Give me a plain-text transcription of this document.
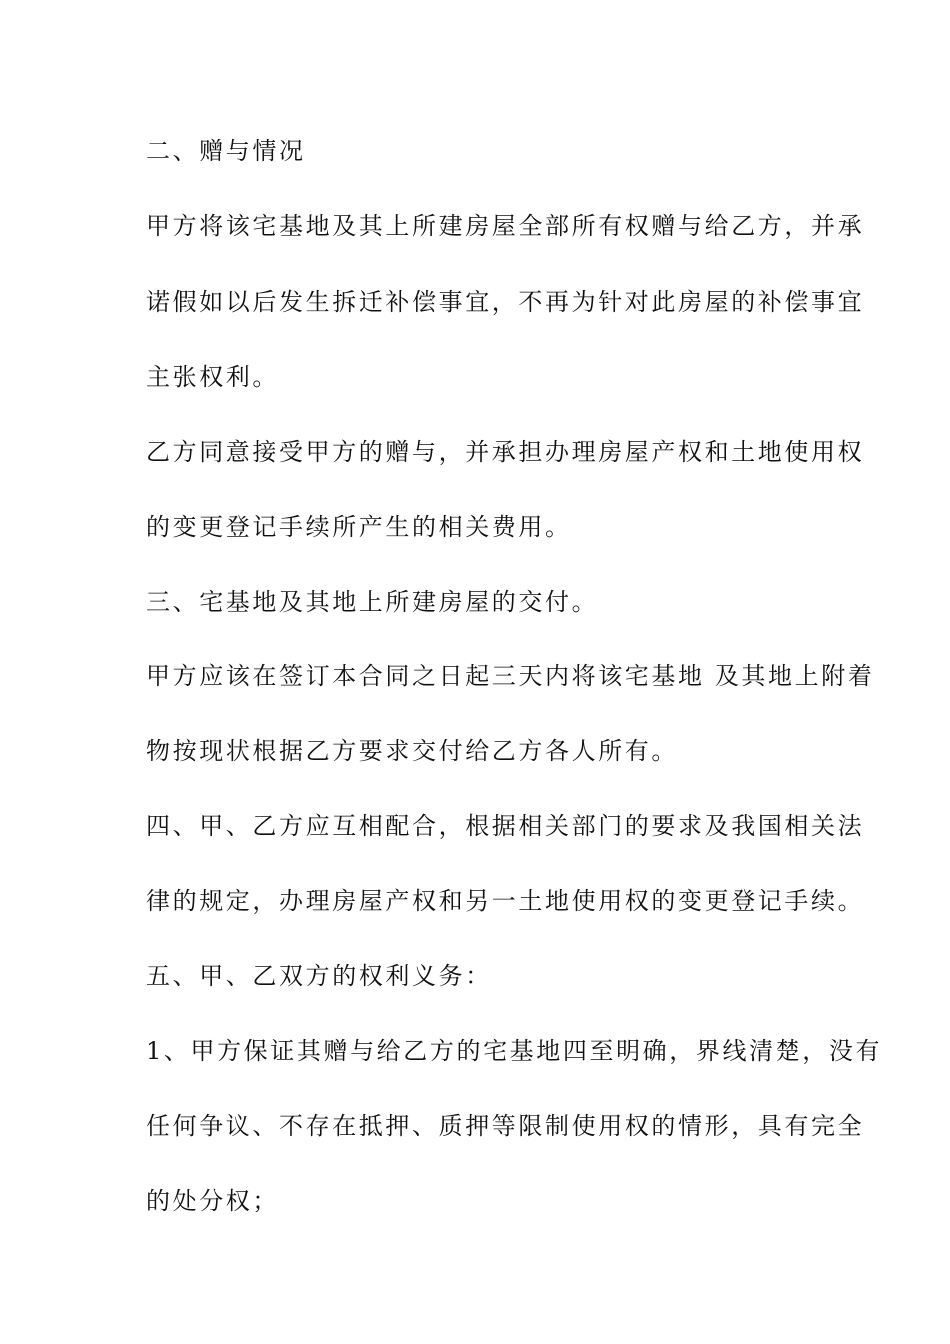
二、赠与情况
甲方将该宅基地及其上所建房屋全部所有权赠与给乙方，并承
诺假如以后发生拆迁补偿事宜，不再为针对此房屋的补偿事宜
主张权利。
乙方同意接受甲方的赠与，并承担办理房屋产权和土地使用权
的变更登记手续所产生的相关费用。
三、宅基地及其地上所建房屋的交付。
甲方应该在签订本合同之日起三天内将该宅基地 及其地上附着
物按现状根据乙方要求交付给乙方各人所有。
四、甲、乙方应互相配合，根据相关部门的要求及我国相关法
律的规定，办理房屋产权和另一土地使用权的变更登记手续。
五、甲、乙双方的权利义务：
1、甲方保证其赠与给乙方的宅基地四至明确，界线清楚，没有
任何争议、不存在抵押、质押等限制使用权的情形，具有完全
的处分权；
